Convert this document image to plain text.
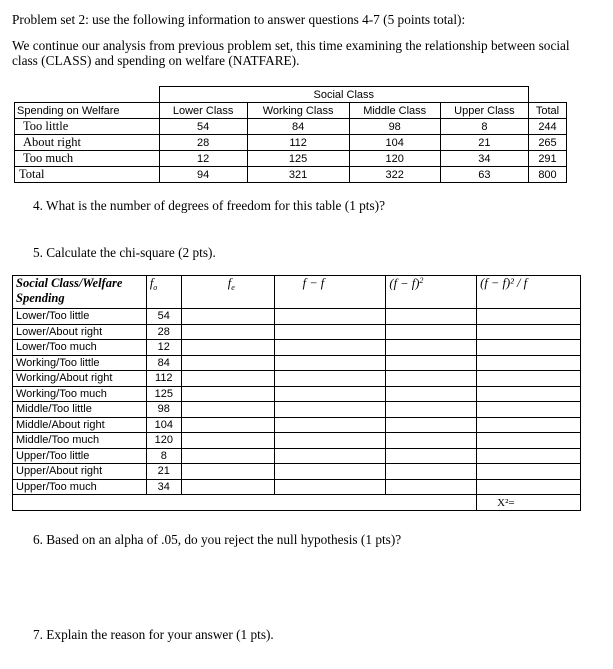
Problem set 2: use the following information to answer questions 4-7 (5 points total):
We continue our analysis from previous problem set, this time examining the relationship between social class (CLASS) and spending on welfare (NATFARE).
	Social Class				
Spending on Welfare	Lower Class	Working Class	Middle Class	Upper Class	Total
Too little	54	84	98	8	244
About right	28	112	104	21	265
Too much	12	125	120	34	291
Total	94	321	322	63	800
4. What is the number of degrees of freedom for this table (1 pts)?
5. Calculate the chi-square (2 pts).
Social Class/Welfare Spending	$f_o$	$f_e$	f − f	$(f - f)^2$	(f − f)² / f
Lower/Too little	54				
Lower/About right	28				
Lower/Too much	12				
Working/Too little	84				
Working/About right	112				
Working/Too much	125				
Middle/Too little	98				
Middle/About right	104				
Middle/Too much	120				
Upper/Too little	8				
Upper/About right	21				
Upper/Too much	34				
					X²=
6. Based on an alpha of .05, do you reject the null hypothesis (1 pts)?
7. Explain the reason for your answer (1 pts).
